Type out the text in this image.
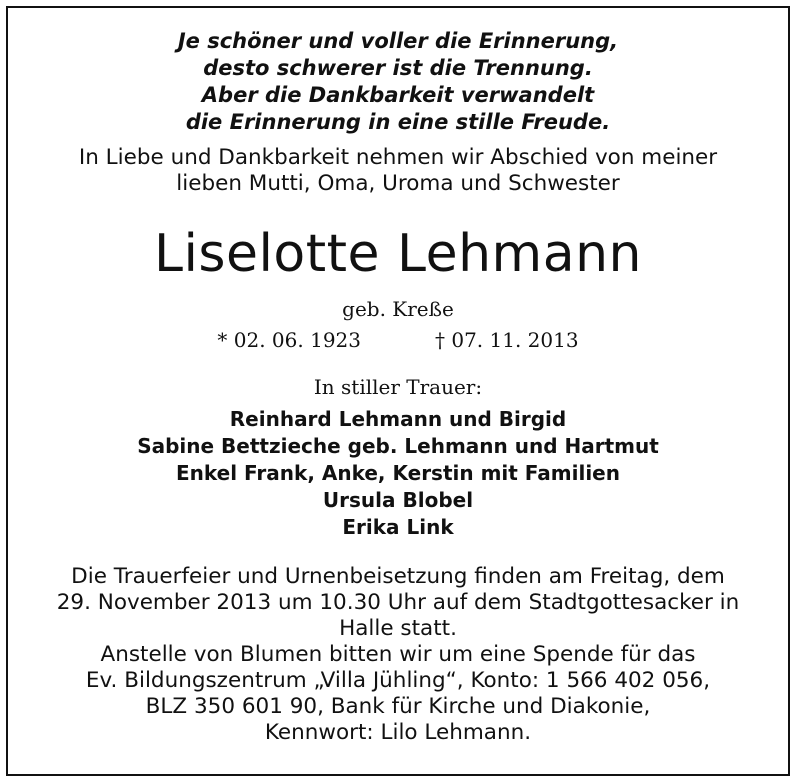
Je schöner und voller die Erinnerung,
desto schwerer ist die Trennung.
Aber die Dankbarkeit verwandelt
die Erinnerung in eine stille Freude.
In Liebe und Dankbarkeit nehmen wir Abschied von meiner
lieben Mutti, Oma, Uroma und Schwester
Liselotte Lehmann
geb. Kreße
* 02. 06. 1923	† 07. 11. 2013
In stiller Trauer:
Reinhard Lehmann und Birgid
Sabine Bettzieche geb. Lehmann und Hartmut
Enkel Frank, Anke, Kerstin mit Familien
Ursula Blobel
Erika Link
Die Trauerfeier und Urnenbeisetzung finden am Freitag, dem
29. November 2013 um 10.30 Uhr auf dem Stadtgottesacker in
Halle statt.
Anstelle von Blumen bitten wir um eine Spende für das
Ev. Bildungszentrum „Villa Jühling“, Konto: 1 566 402 056,
BLZ 350 601 90, Bank für Kirche und Diakonie,
Kennwort: Lilo Lehmann.
